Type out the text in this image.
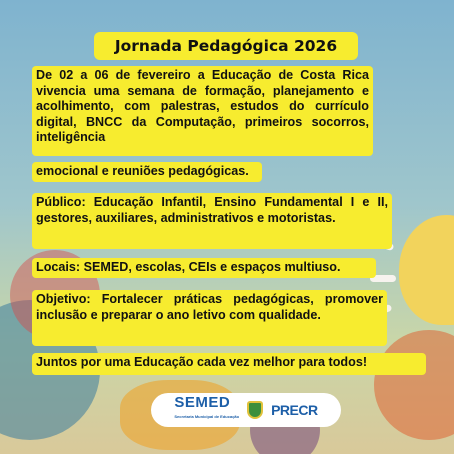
Jornada Pedagógica 2026
De 02 a 06 de fevereiro a Educação de Costa Rica vivencia uma semana de formação, planejamento e acolhimento, com palestras, estudos do currículo digital, BNCC da Computação, primeiros socorros, inteligência
emocional e reuniões pedagógicas.
Público: Educação Infantil, Ensino Fundamental I e II, gestores, auxiliares, administrativos e motoristas.
Locais: SEMED, escolas, CEIs e espaços multiuso.
Objetivo: Fortalecer práticas pedagógicas, promover inclusão e preparar o ano letivo com qualidade.
Juntos por uma Educação cada vez melhor para todos!
SEMED
Secretaria Municipal de Educação PRECR
